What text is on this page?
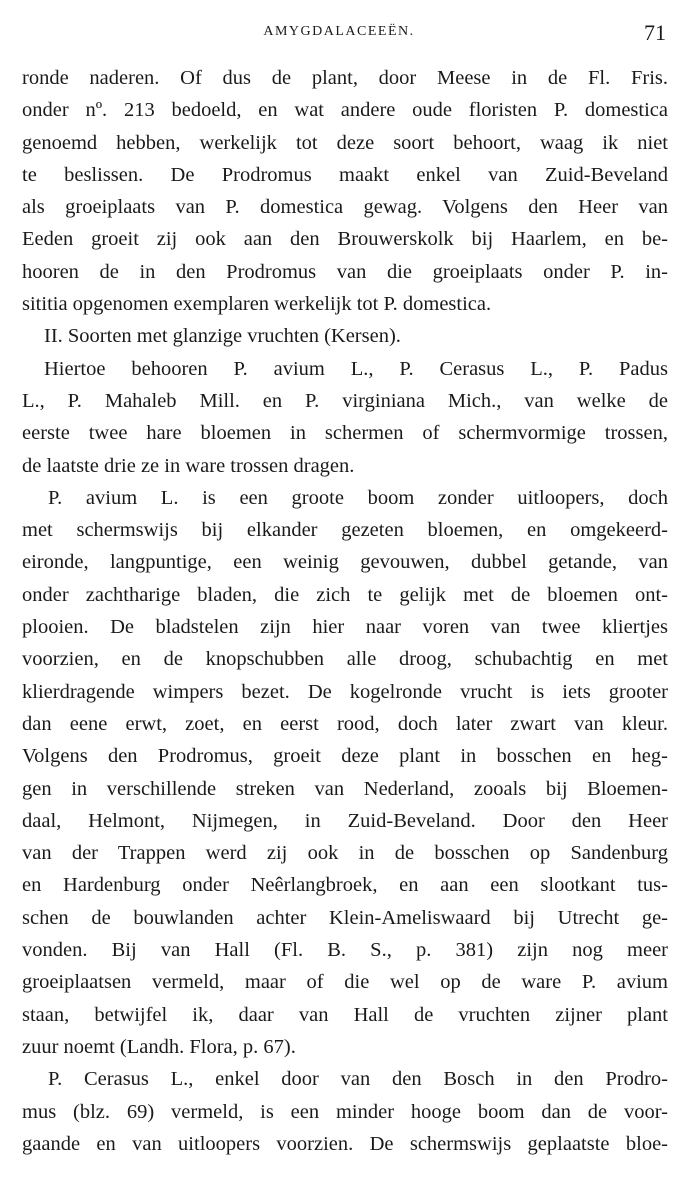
AMYGDALACEEËN.	71
ronde naderen. Of dus de plant, door Meese in de Fl. Fris.
onder nº. 213 bedoeld, en wat andere oude floristen P. domestica
genoemd hebben, werkelijk tot deze soort behoort, waag ik niet
te beslissen. De Prodromus maakt enkel van Zuid-Beveland
als groeiplaats van P. domestica gewag. Volgens den Heer van
Eeden groeit zij ook aan den Brouwerskolk bij Haarlem, en be-
hooren de in den Prodromus van die groeiplaats onder P. in-
sititia opgenomen exemplaren werkelijk tot P. domestica.
II. Soorten met glanzige vruchten (Kersen).
Hiertoe behooren P. avium L., P. Cerasus L., P. Padus
L., P. Mahaleb Mill. en P. virginiana Mich., van welke de
eerste twee hare bloemen in schermen of schermvormige trossen,
de laatste drie ze in ware trossen dragen.
P. avium L. is een groote boom zonder uitloopers, doch
met schermswijs bij elkander gezeten bloemen, en omgekeerd-
eironde, langpuntige, een weinig gevouwen, dubbel getande, van
onder zachtharige bladen, die zich te gelijk met de bloemen ont-
plooien. De bladstelen zijn hier naar voren van twee kliertjes
voorzien, en de knopschubben alle droog, schubachtig en met
klierdragende wimpers bezet. De kogelronde vrucht is iets grooter
dan eene erwt, zoet, en eerst rood, doch later zwart van kleur.
Volgens den Prodromus, groeit deze plant in bosschen en heg-
gen in verschillende streken van Nederland, zooals bij Bloemen-
daal, Helmont, Nijmegen, in Zuid-Beveland. Door den Heer
van der Trappen werd zij ook in de bosschen op Sandenburg
en Hardenburg onder Neêrlangbroek, en aan een slootkant tus-
schen de bouwlanden achter Klein-Ameliswaard bij Utrecht ge-
vonden. Bij van Hall (Fl. B. S., p. 381) zijn nog meer
groeiplaatsen vermeld, maar of die wel op de ware P. avium
staan, betwijfel ik, daar van Hall de vruchten zijner plant
zuur noemt (Landh. Flora, p. 67).
P. Cerasus L., enkel door van den Bosch in den Prodro-
mus (blz. 69) vermeld, is een minder hooge boom dan de voor-
gaande en van uitloopers voorzien. De schermswijs geplaatste bloe-
